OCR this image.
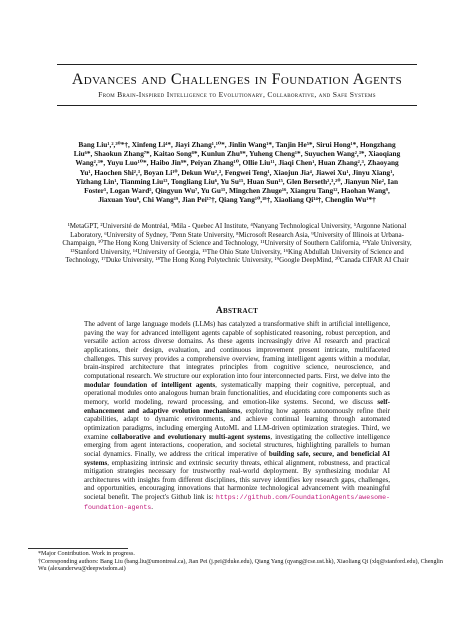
Advances and Challenges in Foundation Agents
From Brain-Inspired Intelligence to Evolutionary, Collaborative, and Safe Systems
Bang Liu¹,²,³⁰*†, Xinfeng Li⁴*, Jiayi Zhang¹,¹⁰*, Jinlin Wang¹*, Tanjin He⁵*, Sirui Hong¹*, Hongzhang Liu⁶*, Shaokun Zhang⁷*, Kaitao Song⁸*, Kunlun Zhu⁹*, Yuheng Cheng¹*, Suyuchen Wang²,³*, Xiaoqiang Wang²,³*, Yuyu Luo¹⁰*, Haibo Jin⁹*, Peiyan Zhang¹⁰, Ollie Liu¹¹, Jiaqi Chen¹, Huan Zhang²,³, Zhaoyang Yu¹, Haochen Shi²,³, Boyan Li¹⁰, Dekun Wu²,³, Fengwei Teng¹, Xiaojun Jia⁴, Jiawei Xu¹, Jinyu Xiang¹, Yizhang Lin¹, Tianming Liu¹³, Tongliang Liu⁶, Yu Su¹⁵, Huan Sun¹⁵, Glen Berseth²,³,²⁰, Jianyun Nie², Ian Foster⁵, Logan Ward⁵, Qingyun Wu⁷, Yu Gu¹⁵, Mingchen Zhuge¹⁶, Xiangru Tang¹², Haohan Wang⁹, Jiaxuan You⁹, Chi Wang¹⁹, Jian Pei¹⁷†, Qiang Yang¹⁰,¹⁸†, Xiaoliang Qi¹⁴†, Chenglin Wu¹*†
¹MetaGPT, ²Université de Montréal, ³Mila - Quebec AI Institute, ⁴Nanyang Technological University, ⁵Argonne National Laboratory, ⁶University of Sydney, ⁷Penn State University, ⁸Microsoft Research Asia, ⁹University of Illinois at Urbana-Champaign, ¹⁰The Hong Kong University of Science and Technology, ¹¹University of Southern California, ¹²Yale University, ¹³Stanford University, ¹⁴University of Georgia, ¹⁵The Ohio State University, ¹⁶King Abdullah University of Science and Technology, ¹⁷Duke University, ¹⁸The Hong Kong Polytechnic University, ¹⁹Google DeepMind, ²⁰Canada CIFAR AI Chair
Abstract
The advent of large language models (LLMs) has catalyzed a transformative shift in artificial intelligence, paving the way for advanced intelligent agents capable of sophisticated reasoning, robust perception, and versatile action across diverse domains. As these agents increasingly drive AI research and practical applications, their design, evaluation, and continuous improvement present intricate, multifaceted challenges. This survey provides a comprehensive overview, framing intelligent agents within a modular, brain-inspired architecture that integrates principles from cognitive science, neuroscience, and computational research. We structure our exploration into four interconnected parts. First, we delve into the modular foundation of intelligent agents, systematically mapping their cognitive, perceptual, and operational modules onto analogous human brain functionalities, and elucidating core components such as memory, world modeling, reward processing, and emotion-like systems. Second, we discuss self-enhancement and adaptive evolution mechanisms, exploring how agents autonomously refine their capabilities, adapt to dynamic environments, and achieve continual learning through automated optimization paradigms, including emerging AutoML and LLM-driven optimization strategies. Third, we examine collaborative and evolutionary multi-agent systems, investigating the collective intelligence emerging from agent interactions, cooperation, and societal structures, highlighting parallels to human social dynamics. Finally, we address the critical imperative of building safe, secure, and beneficial AI systems, emphasizing intrinsic and extrinsic security threats, ethical alignment, robustness, and practical mitigation strategies necessary for trustworthy real-world deployment. By synthesizing modular AI architectures with insights from different disciplines, this survey identifies key research gaps, challenges, and opportunities, encouraging innovations that harmonize technological advancement with meaningful societal benefit. The project's Github link is: https://github.com/FoundationAgents/awesome-foundation-agents.
*Major Contribution. Work in progress.
†Corresponding authors: Bang Liu (bang.liu@umontreal.ca), Jian Pei (j.pei@duke.edu), Qiang Yang (qyang@cse.ust.hk), Xiaoliang Qi (xlq@stanford.edu), Chenglin Wu (alexanderwu@deepwisdom.ai)
